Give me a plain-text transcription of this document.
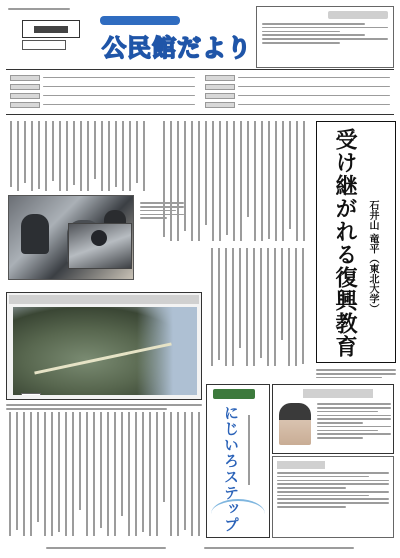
公民館だより
受け継がれる復興教育 石井山 竜平（東北大学）
にじいろステップ
